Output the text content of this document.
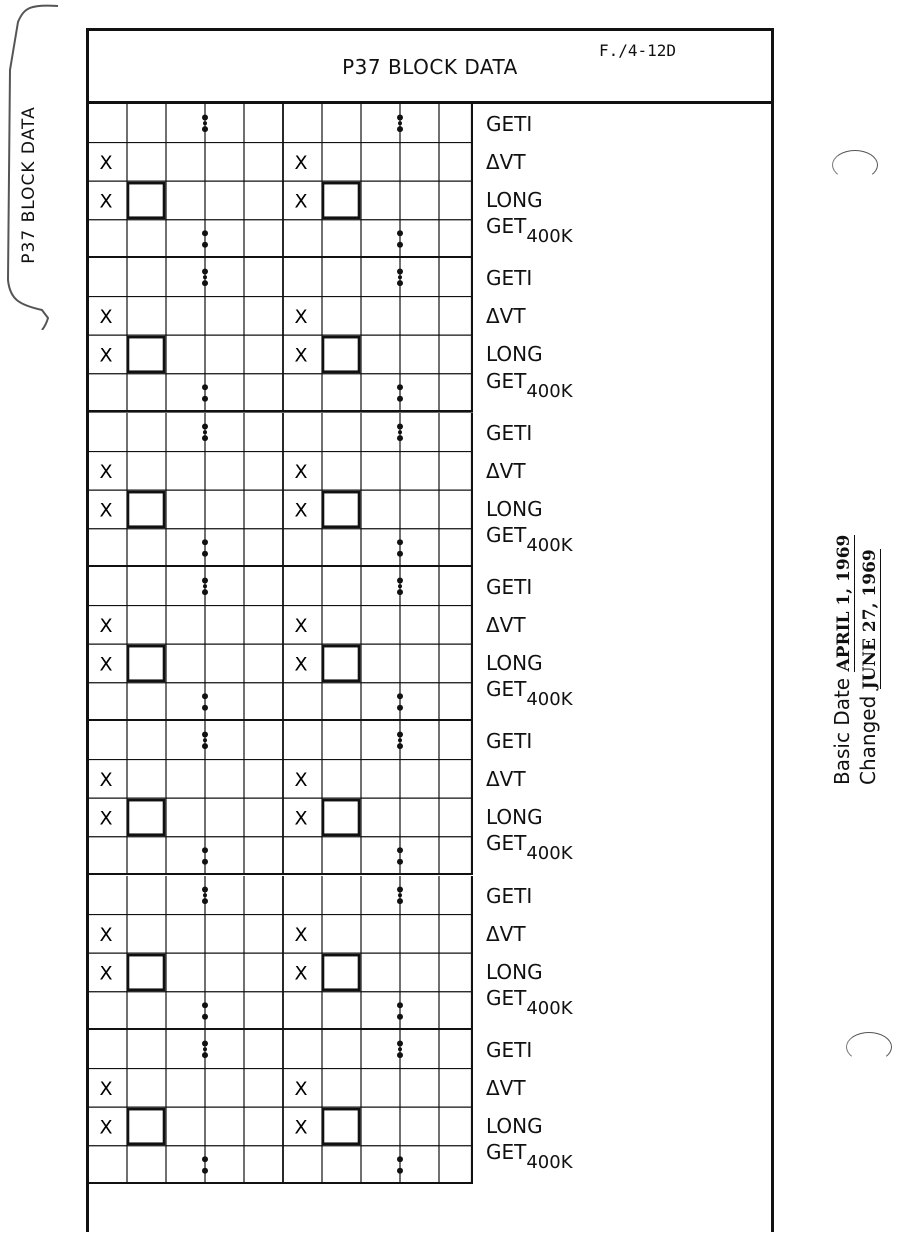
P37 BLOCK DATA
P37 BLOCK DATA
F./4-12D
X
X
X
X
GETI
ΔVT
LONG
GET400K
X
X
X
X
GETI
ΔVT
LONG
GET400K
X
X
X
X
GETI
ΔVT
LONG
GET400K
X
X
X
X
GETI
ΔVT
LONG
GET400K
X
X
X
X
GETI
ΔVT
LONG
GET400K
X
X
X
X
GETI
ΔVT
LONG
GET400K
X
X
X
X
GETI
ΔVT
LONG
GET400K
Basic Date APRIL 1, 1969
Changed JUNE 27, 1969
